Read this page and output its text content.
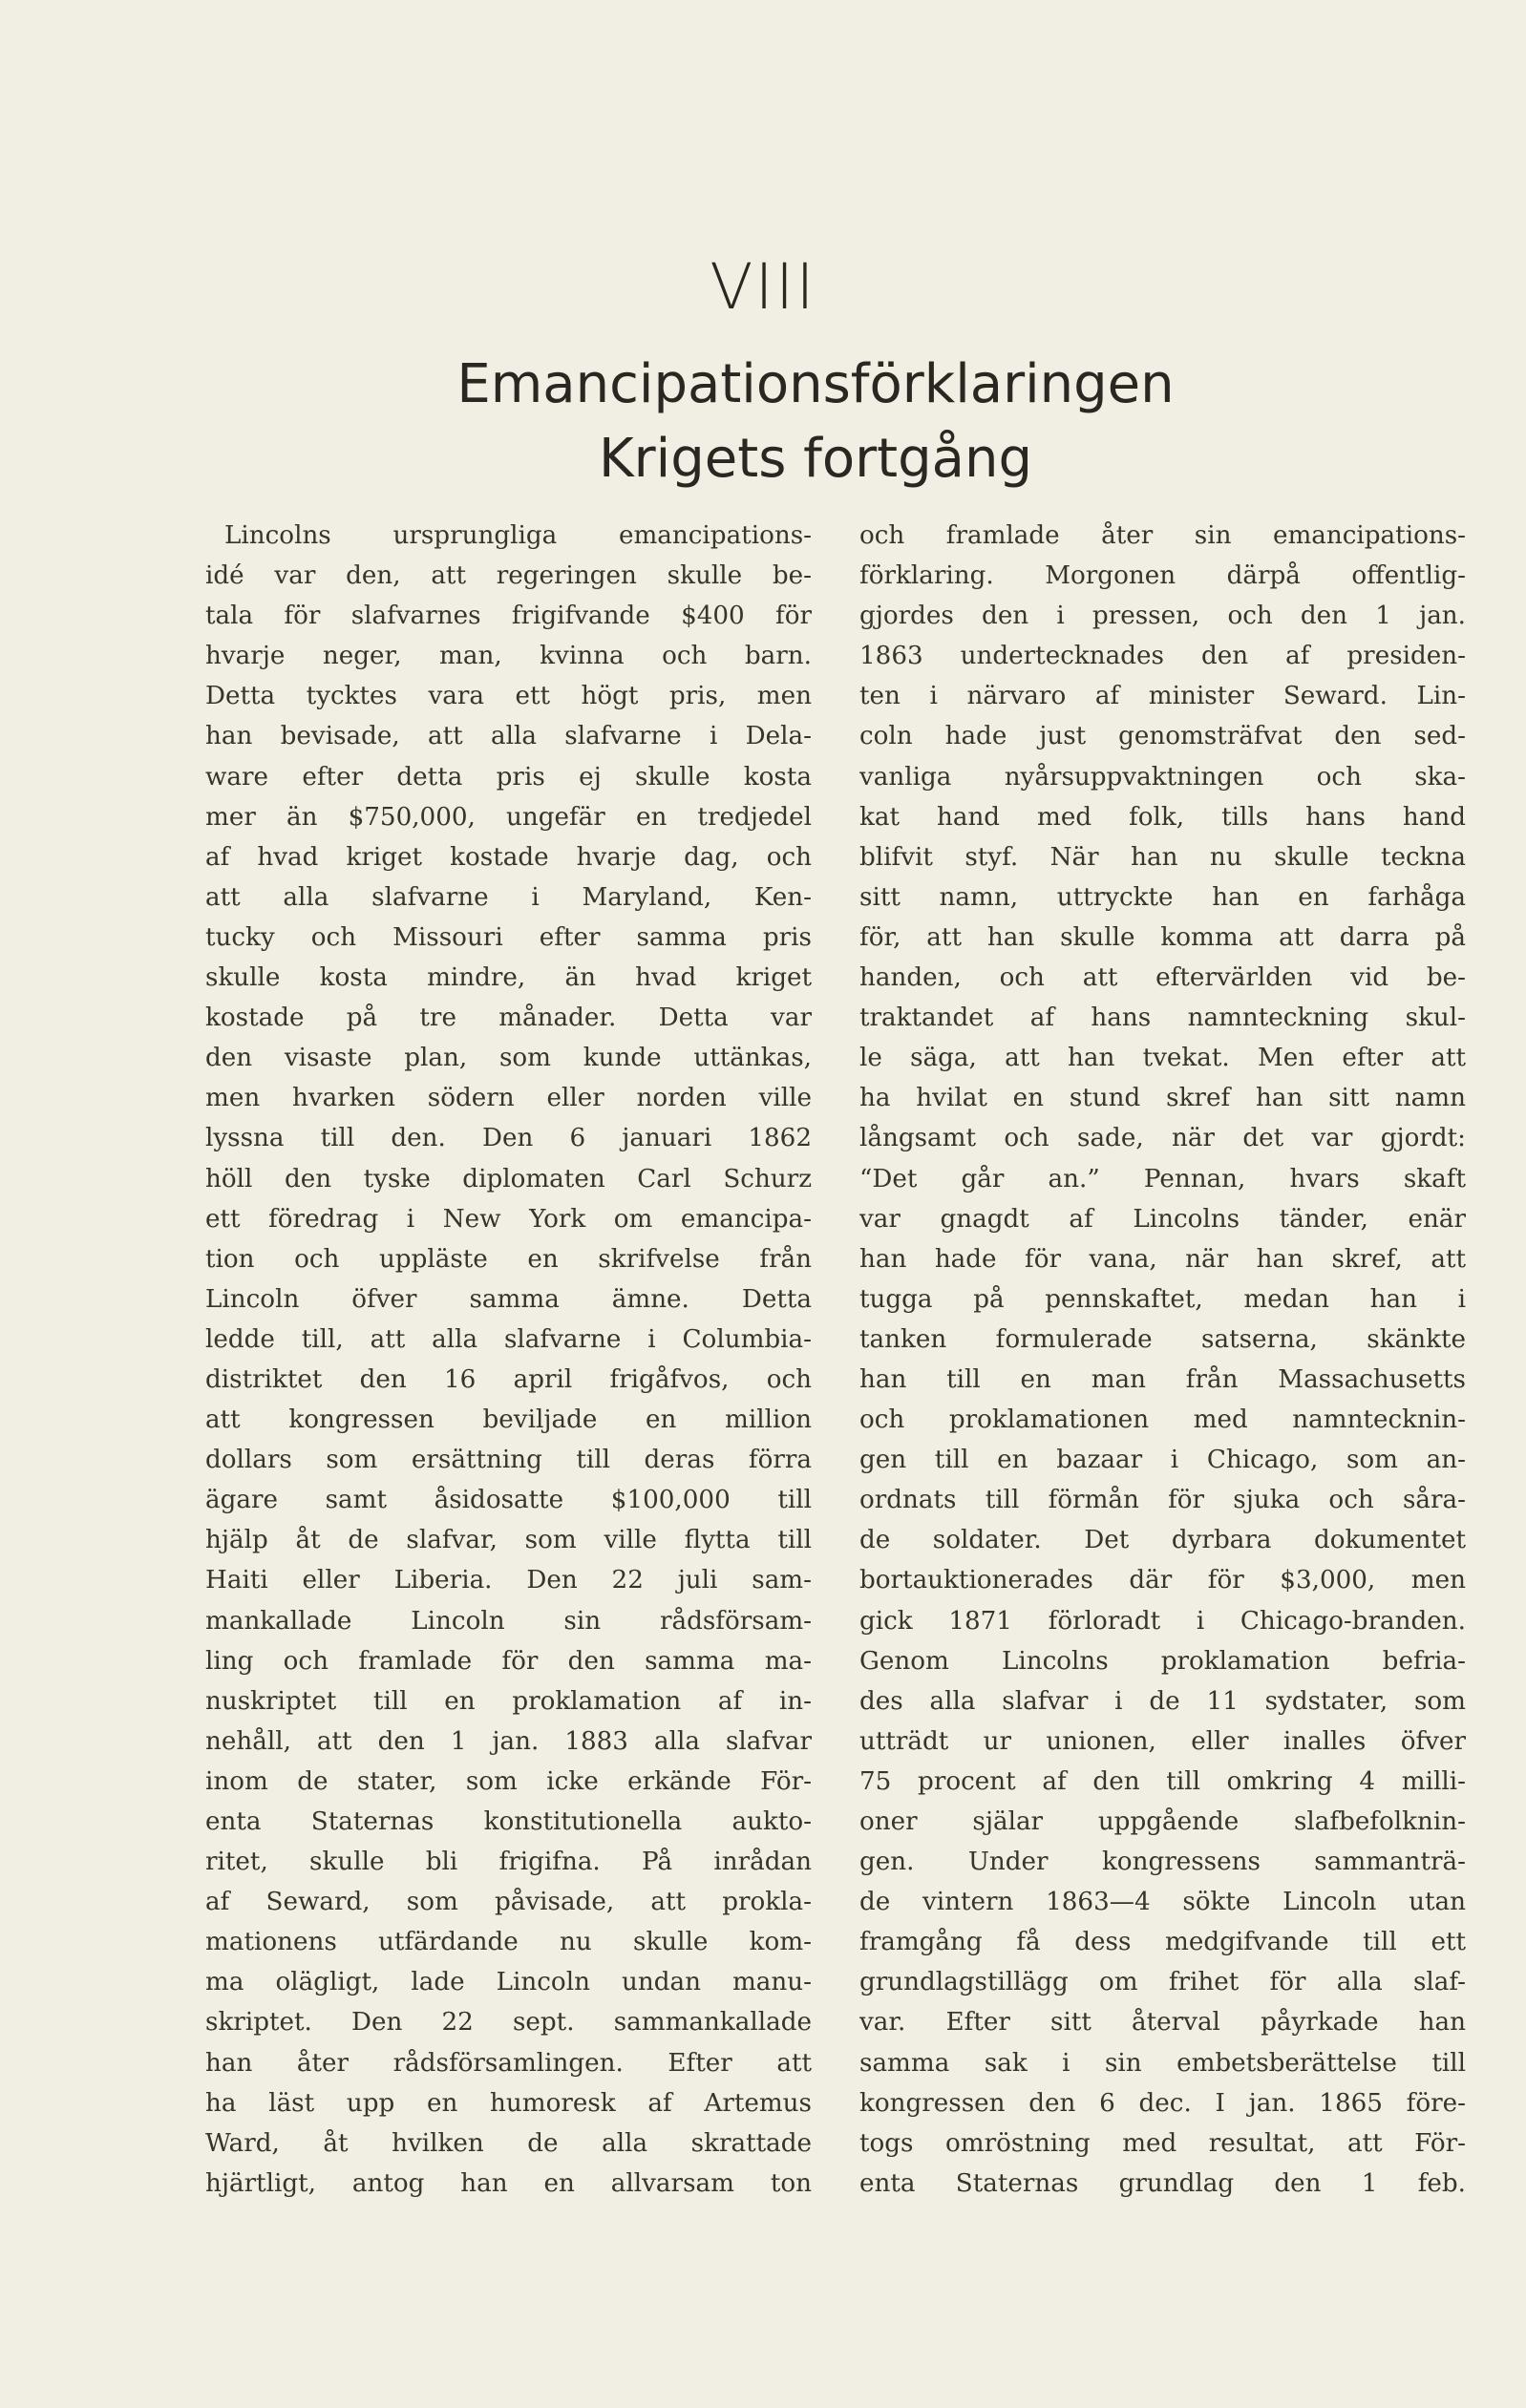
VIII
Emancipationsförklaringen
Krigets fortgång
Lincolns ursprungliga emancipations-
idé var den, att regeringen skulle be-
tala för slafvarnes frigifvande $400 för
hvarje neger, man, kvinna och barn.
Detta tycktes vara ett högt pris, men
han bevisade, att alla slafvarne i Dela-
ware efter detta pris ej skulle kosta
mer än $750,000, ungefär en tredjedel
af hvad kriget kostade hvarje dag, och
att alla slafvarne i Maryland, Ken-
tucky och Missouri efter samma pris
skulle kosta mindre, än hvad kriget
kostade på tre månader. Detta var
den visaste plan, som kunde uttänkas,
men hvarken södern eller norden ville
lyssna till den. Den 6 januari 1862
höll den tyske diplomaten Carl Schurz
ett föredrag i New York om emancipa-
tion och uppläste en skrifvelse från
Lincoln öfver samma ämne. Detta
ledde till, att alla slafvarne i Columbia-
distriktet den 16 april frigåfvos, och
att kongressen beviljade en million
dollars som ersättning till deras förra
ägare samt åsidosatte $100,000 till
hjälp åt de slafvar, som ville flytta till
Haiti eller Liberia. Den 22 juli sam-
mankallade Lincoln sin rådsförsam-
ling och framlade för den samma ma-
nuskriptet till en proklamation af in-
nehåll, att den 1 jan. 1883 alla slafvar
inom de stater, som icke erkände För-
enta Staternas konstitutionella aukto-
ritet, skulle bli frigifna. På inrådan
af Seward, som påvisade, att prokla-
mationens utfärdande nu skulle kom-
ma olägligt, lade Lincoln undan manu-
skriptet. Den 22 sept. sammankallade
han åter rådsförsamlingen. Efter att
ha läst upp en humoresk af Artemus
Ward, åt hvilken de alla skrattade
hjärtligt, antog han en allvarsam ton
och framlade åter sin emancipations-
förklaring. Morgonen därpå offentlig-
gjordes den i pressen, och den 1 jan.
1863 undertecknades den af presiden-
ten i närvaro af minister Seward. Lin-
coln hade just genomsträfvat den sed-
vanliga nyårsuppvaktningen och ska-
kat hand med folk, tills hans hand
blifvit styf. När han nu skulle teckna
sitt namn, uttryckte han en farhåga
för, att han skulle komma att darra på
handen, och att eftervärlden vid be-
traktandet af hans namnteckning skul-
le säga, att han tvekat. Men efter att
ha hvilat en stund skref han sitt namn
långsamt och sade, när det var gjordt:
“Det går an.” Pennan, hvars skaft
var gnagdt af Lincolns tänder, enär
han hade för vana, när han skref, att
tugga på pennskaftet, medan han i
tanken formulerade satserna, skänkte
han till en man från Massachusetts
och proklamationen med namntecknin-
gen till en bazaar i Chicago, som an-
ordnats till förmån för sjuka och såra-
de soldater. Det dyrbara dokumentet
bortauktionerades där för $3,000, men
gick 1871 förloradt i Chicago-branden.
Genom Lincolns proklamation befria-
des alla slafvar i de 11 sydstater, som
utträdt ur unionen, eller inalles öfver
75 procent af den till omkring 4 milli-
oner själar uppgående slafbefolknin-
gen. Under kongressens sammanträ-
de vintern 1863—4 sökte Lincoln utan
framgång få dess medgifvande till ett
grundlagstillägg om frihet för alla slaf-
var. Efter sitt återval påyrkade han
samma sak i sin embetsberättelse till
kongressen den 6 dec. I jan. 1865 före-
togs omröstning med resultat, att För-
enta Staternas grundlag den 1 feb.
